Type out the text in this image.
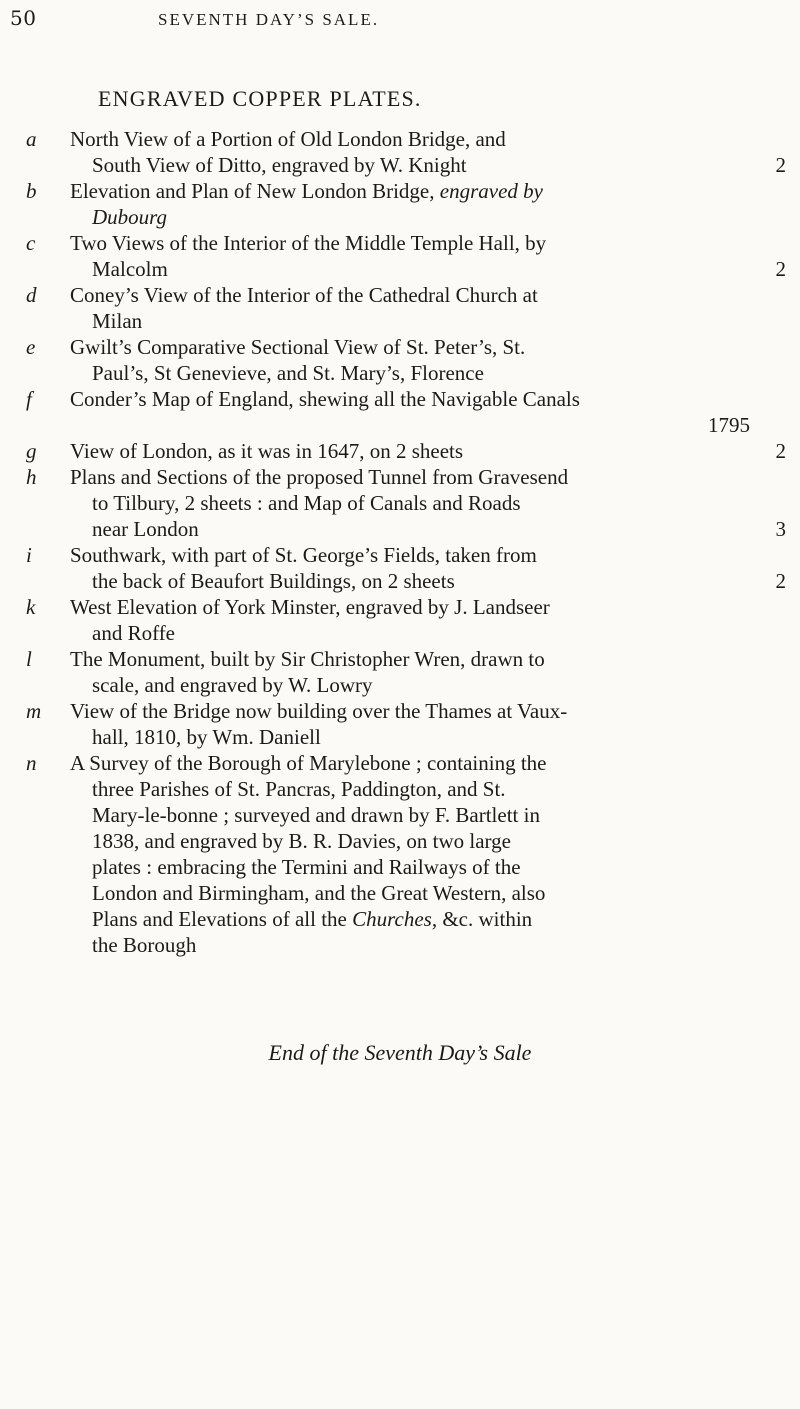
50	SEVENTH DAY’S SALE.
ENGRAVED COPPER PLATES.
a	North View of a Portion of Old London Bridge, and
South View of Ditto, engraved by W. Knight	2
b	Elevation and Plan of New London Bridge, engraved by
Dubourg
c	Two Views of the Interior of the Middle Temple Hall, by
Malcolm	2
d	Coney’s View of the Interior of the Cathedral Church at
Milan
e	Gwilt’s Comparative Sectional View of St. Peter’s, St.
Paul’s, St Genevieve, and St. Mary’s, Florence
f	Conder’s Map of England, shewing all the Navigable Canals
1795
g	View of London, as it was in 1647, on 2 sheets	2
h	Plans and Sections of the proposed Tunnel from Gravesend
to Tilbury, 2 sheets : and Map of Canals and Roads
near London	3
i	Southwark, with part of St. George’s Fields, taken from
the back of Beaufort Buildings, on 2 sheets	2
k	West Elevation of York Minster, engraved by J. Landseer
and Roffe
l	The Monument, built by Sir Christopher Wren, drawn to
scale, and engraved by W. Lowry
m	View of the Bridge now building over the Thames at Vaux-
hall, 1810, by Wm. Daniell
n	A Survey of the Borough of Marylebone ; containing the
three Parishes of St. Pancras, Paddington, and St.
Mary-le-bonne ; surveyed and drawn by F. Bartlett in
1838, and engraved by B. R. Davies, on two large
plates : embracing the Termini and Railways of the
London and Birmingham, and the Great Western, also
Plans and Elevations of all the Churches, &c. within
the Borough
End of the Seventh Day’s Sale
